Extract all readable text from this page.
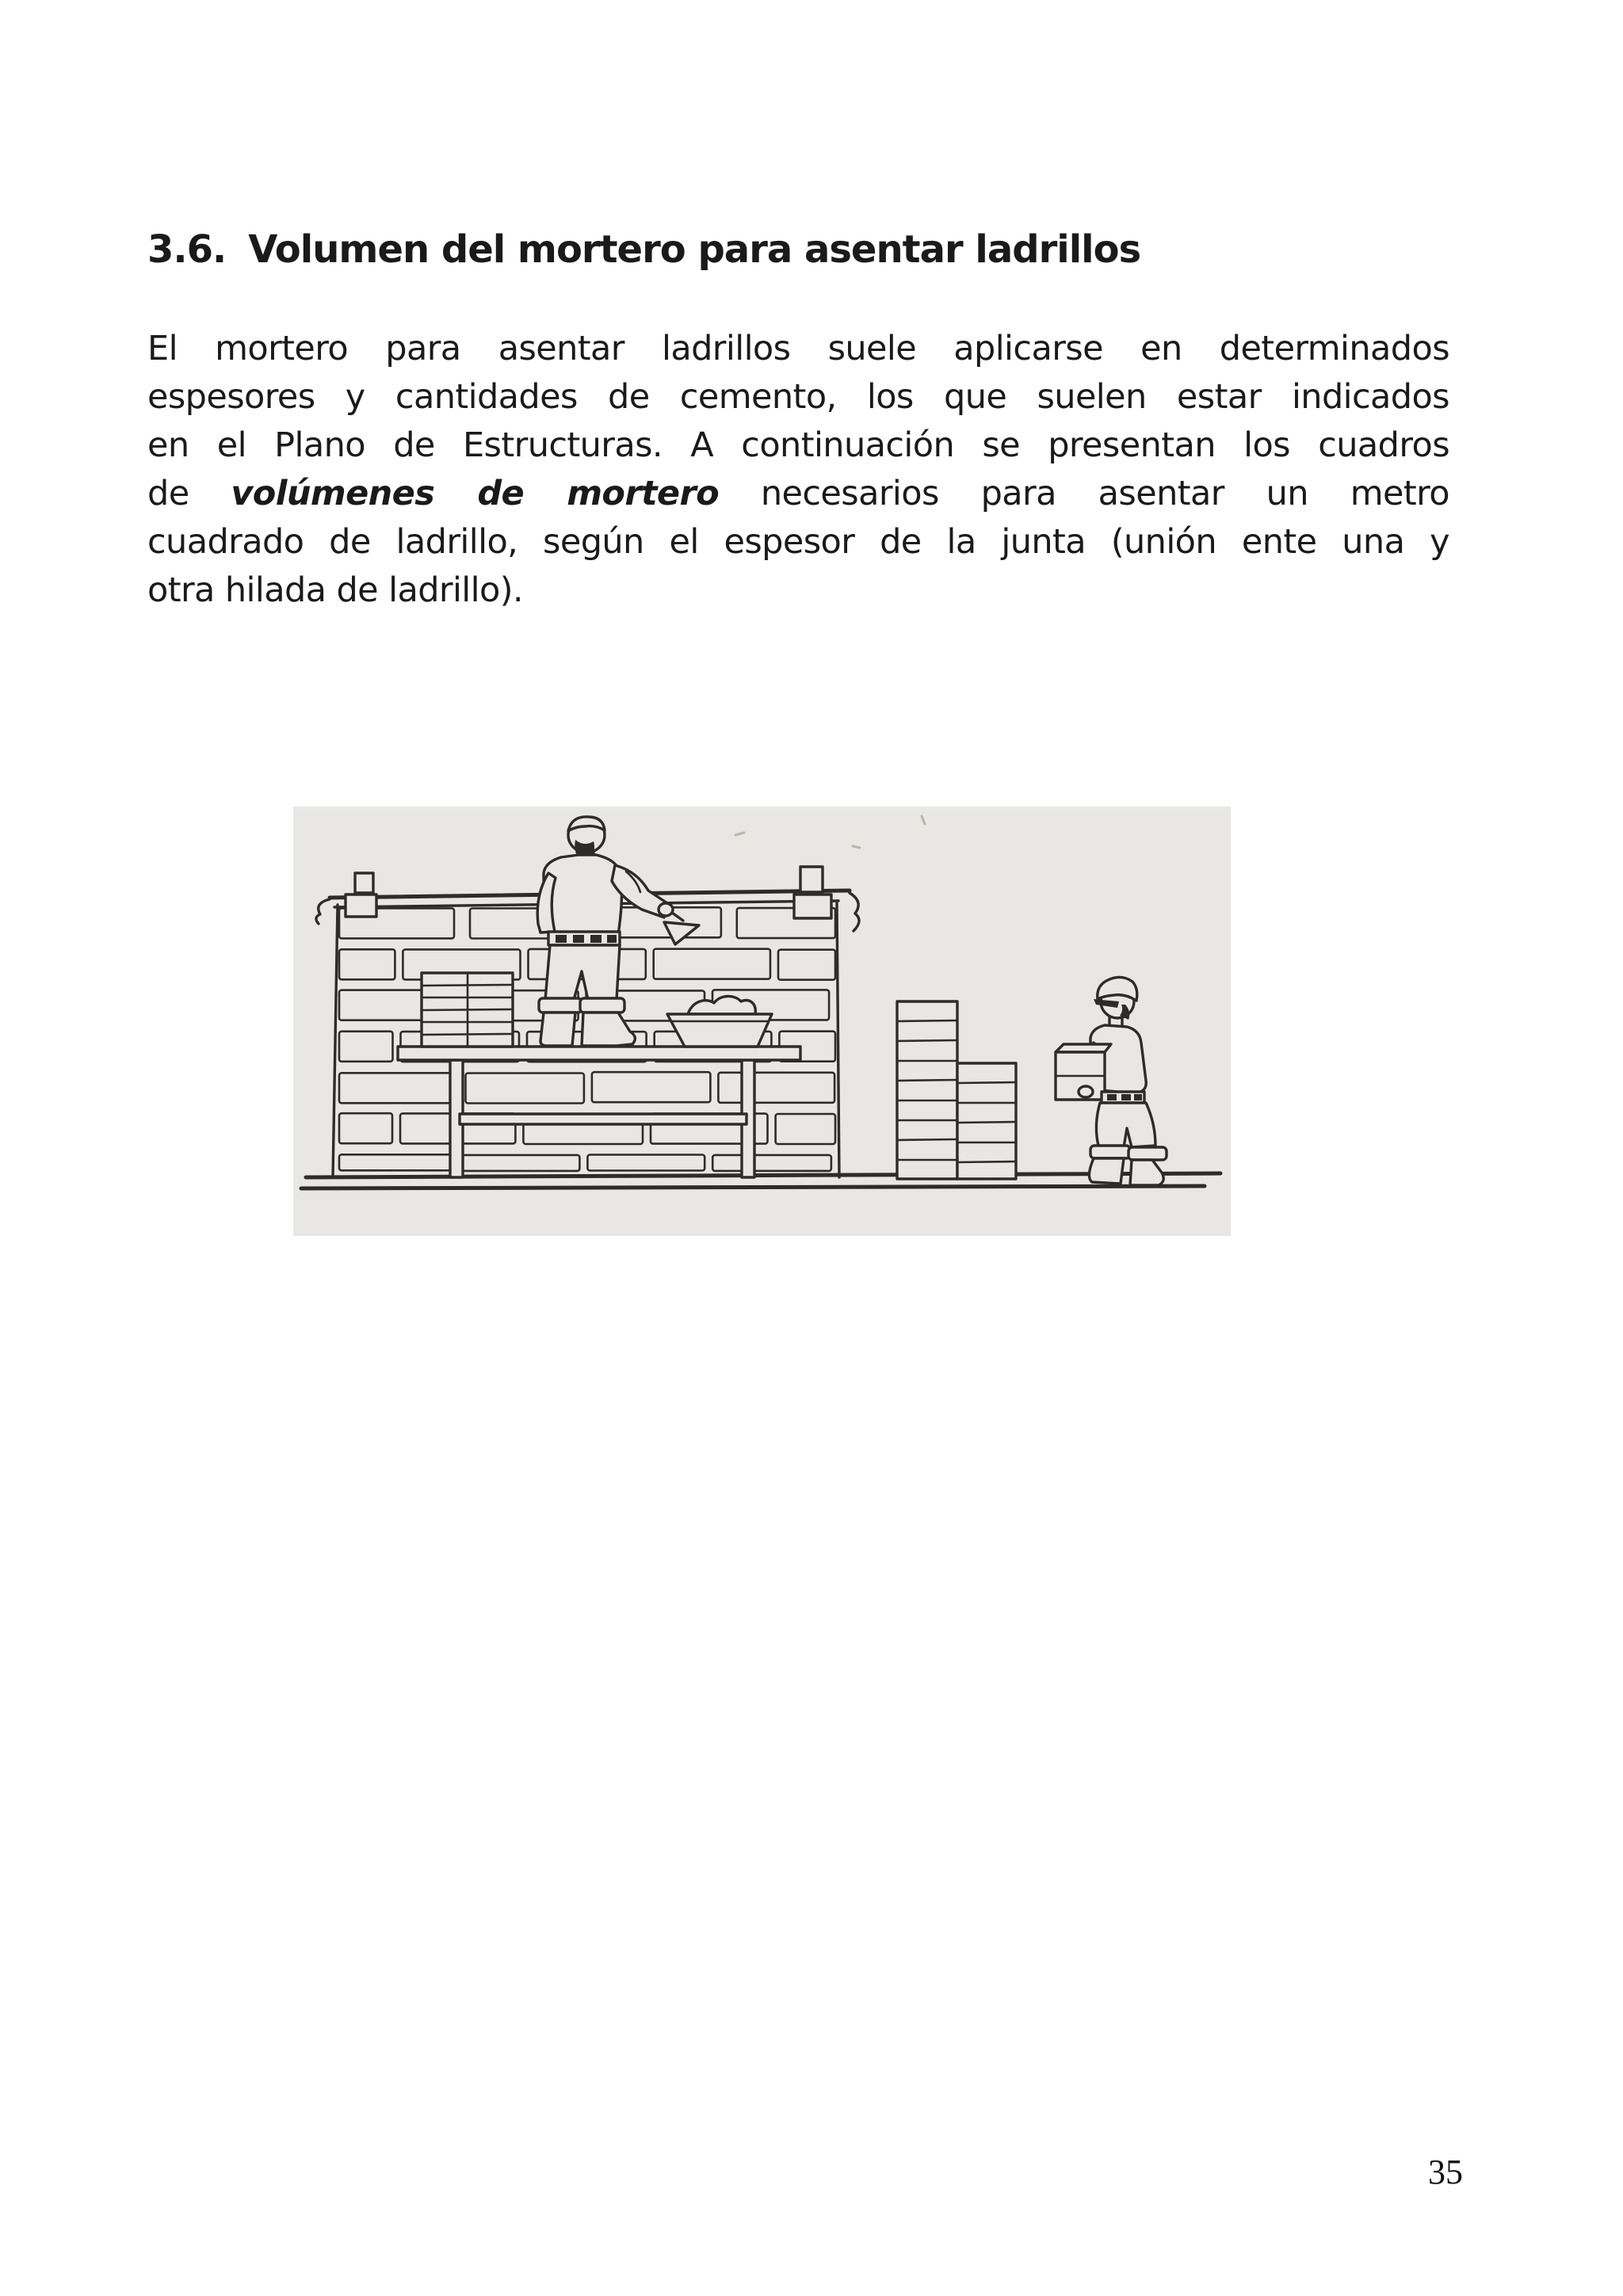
3.6. Volumen del mortero para asentar ladrillos
El mortero para asentar ladrillos suele aplicarse en determinados
espesores y cantidades de cemento, los que suelen estar indicados
en el Plano de Estructuras. A continuación se presentan los cuadros
de volúmenes de mortero necesarios para asentar un metro
cuadrado de ladrillo, según el espesor de la junta (unión ente una y
otra hilada de ladrillo).
35
